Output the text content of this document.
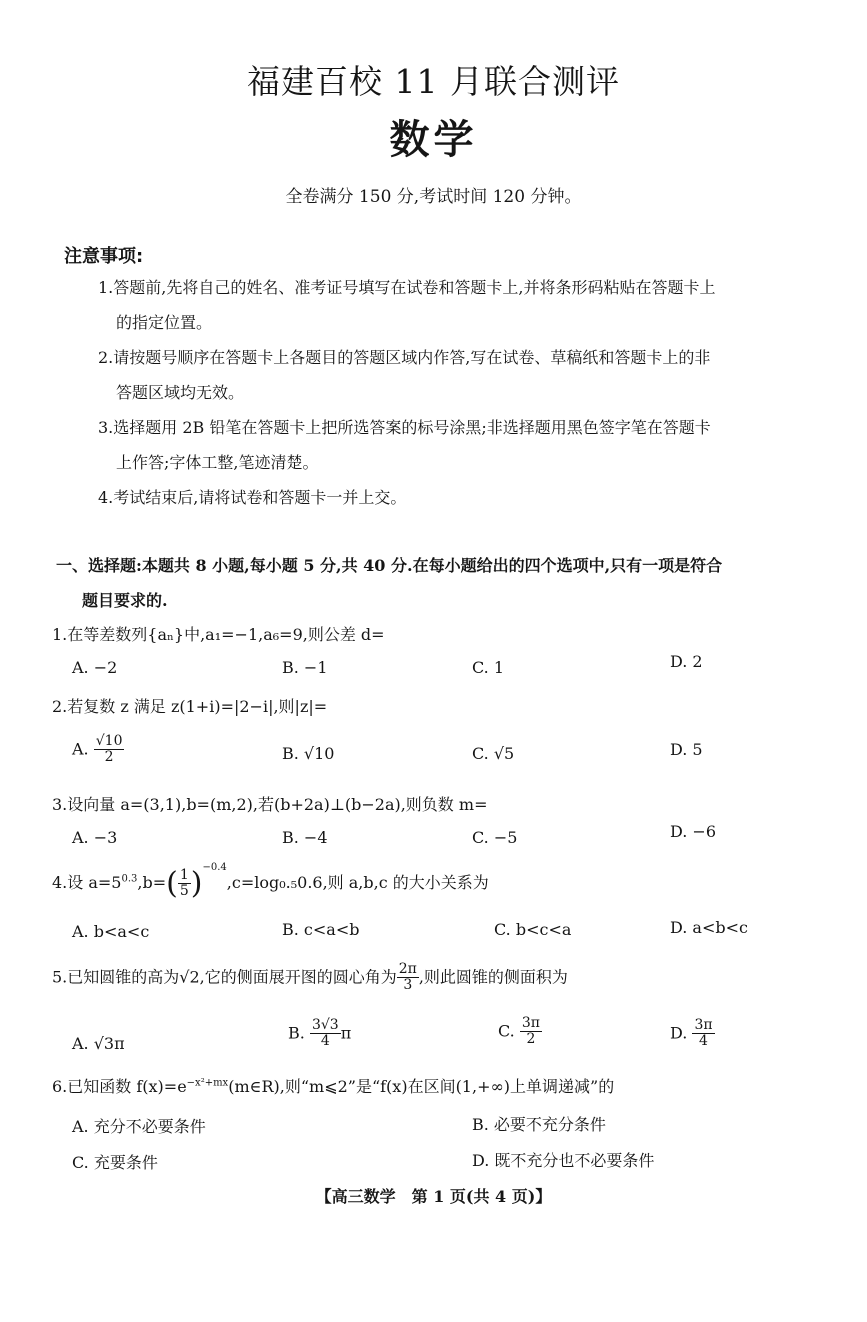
福建百校 11 月联合测评
数学
全卷满分 150 分,考试时间 120 分钟。
注意事项:
1.答题前,先将自己的姓名、准考证号填写在试卷和答题卡上,并将条形码粘贴在答题卡上
的指定位置。
2.请按题号顺序在答题卡上各题目的答题区域内作答,写在试卷、草稿纸和答题卡上的非
答题区域均无效。
3.选择题用 2B 铅笔在答题卡上把所选答案的标号涂黑;非选择题用黑色签字笔在答题卡
上作答;字体工整,笔迹清楚。
4.考试结束后,请将试卷和答题卡一并上交。
一、选择题:本题共 8 小题,每小题 5 分,共 40 分.在每小题给出的四个选项中,只有一项是符合
题目要求的.
1.在等差数列{aₙ}中,a₁=−1,a₆=9,则公差 d=
A. −2	B. −1	C. 1	D. 2
2.若复数 z 满足 z(1+i)=|2−i|,则|z|=
A. $\frac{√10}{2}$	B. √10	C. √5	D. 5
3.设向量 a=(3,1),b=(m,2),若(b+2a)⊥(b−2a),则负数 m=
A. −3	B. −4	C. −5	D. −6
4.设 $a=5^{0.3},b=( \frac{1}{5} )^{-0.4},c=\log_0._50.6$,则 a,b,c 的大小关系为
A. b<a<c	B. c<a<b	C. b<c<a	D. a<b<c
5.已知圆锥的高为√2,它的侧面展开图的圆心角为 $\frac{2\pi}{3}$ ,则此圆锥的侧面积为
A. √3π
B. $\frac{3√3}{4}$ π	C. $\frac{3\pi}{2}$	D. $\frac{3\pi}{4}$
6.已知函数 $f(x)=e^{-x^2+mx}(m\in R)$,则“m⩽2”是“f(x)在区间(1,+∞)上单调递减”的
A. 充分不必要条件	B. 必要不充分条件
C. 充要条件	D. 既不充分也不必要条件
【高三数学　第 1 页(共 4 页)】
